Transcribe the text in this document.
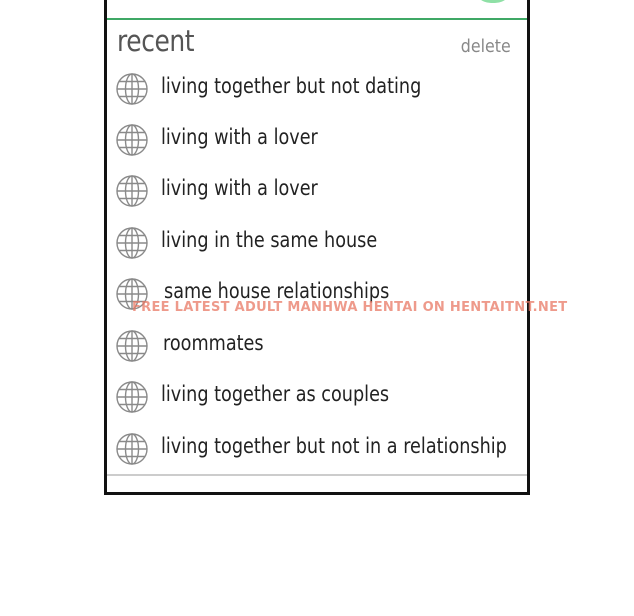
recent	delete
living together but not dating
living with a lover
living with a lover
living in the same house
same house relationships
roommates
living together as couples
living together but not in a relationship
FREE LATEST ADULT MANHWA HENTAI ON HENTAITNT.NET
